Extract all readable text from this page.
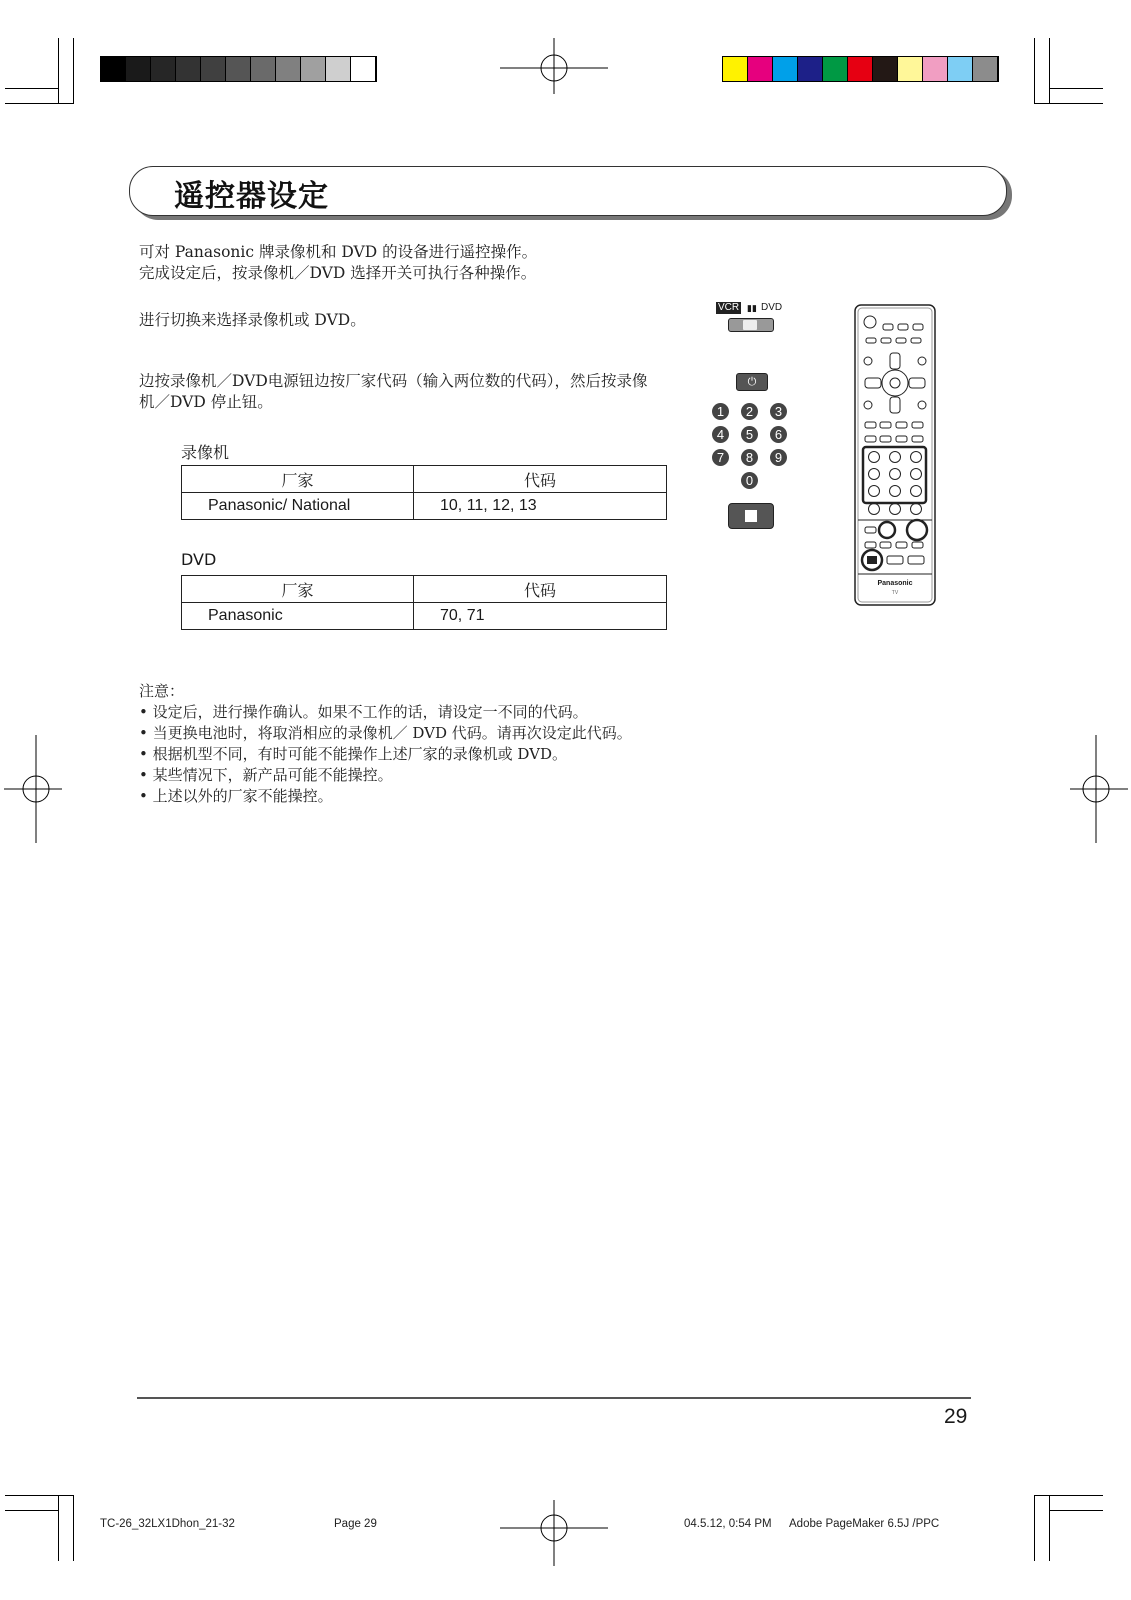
遥控器设定
可对 Panasonic 牌录像机和 DVD 的设备进行遥控操作。
完成设定后，按录像机／DVD 选择开关可执行各种操作。
进行切换来选择录像机或 DVD。
边按录像机／DVD电源钮边按厂家代码（输入两位数的代码），然后按录像
机／DVD 停止钮。
录像机
厂家	代码
Panasonic/ National	10, 11, 12, 13
DVD
厂家	代码
Panasonic	70, 71
注意：
• 设定后，进行操作确认。如果不工作的话，请设定一不同的代码。
• 当更换电池时，将取消相应的录像机／ DVD 代码。请再次设定此代码。
• 根据机型不同，有时可能不能操作上述厂家的录像机或 DVD。
• 某些情况下，新产品可能不能操控。
• 上述以外的厂家不能操控。
VCR ▮▮ DVD
⏻
1	2	3
4	5	6
7	8	9
0
Panasonic
TV
29
TC-26_32LX1Dhon_21-32	Page 29	04.5.12, 0:54 PM Adobe PageMaker 6.5J /PPC
